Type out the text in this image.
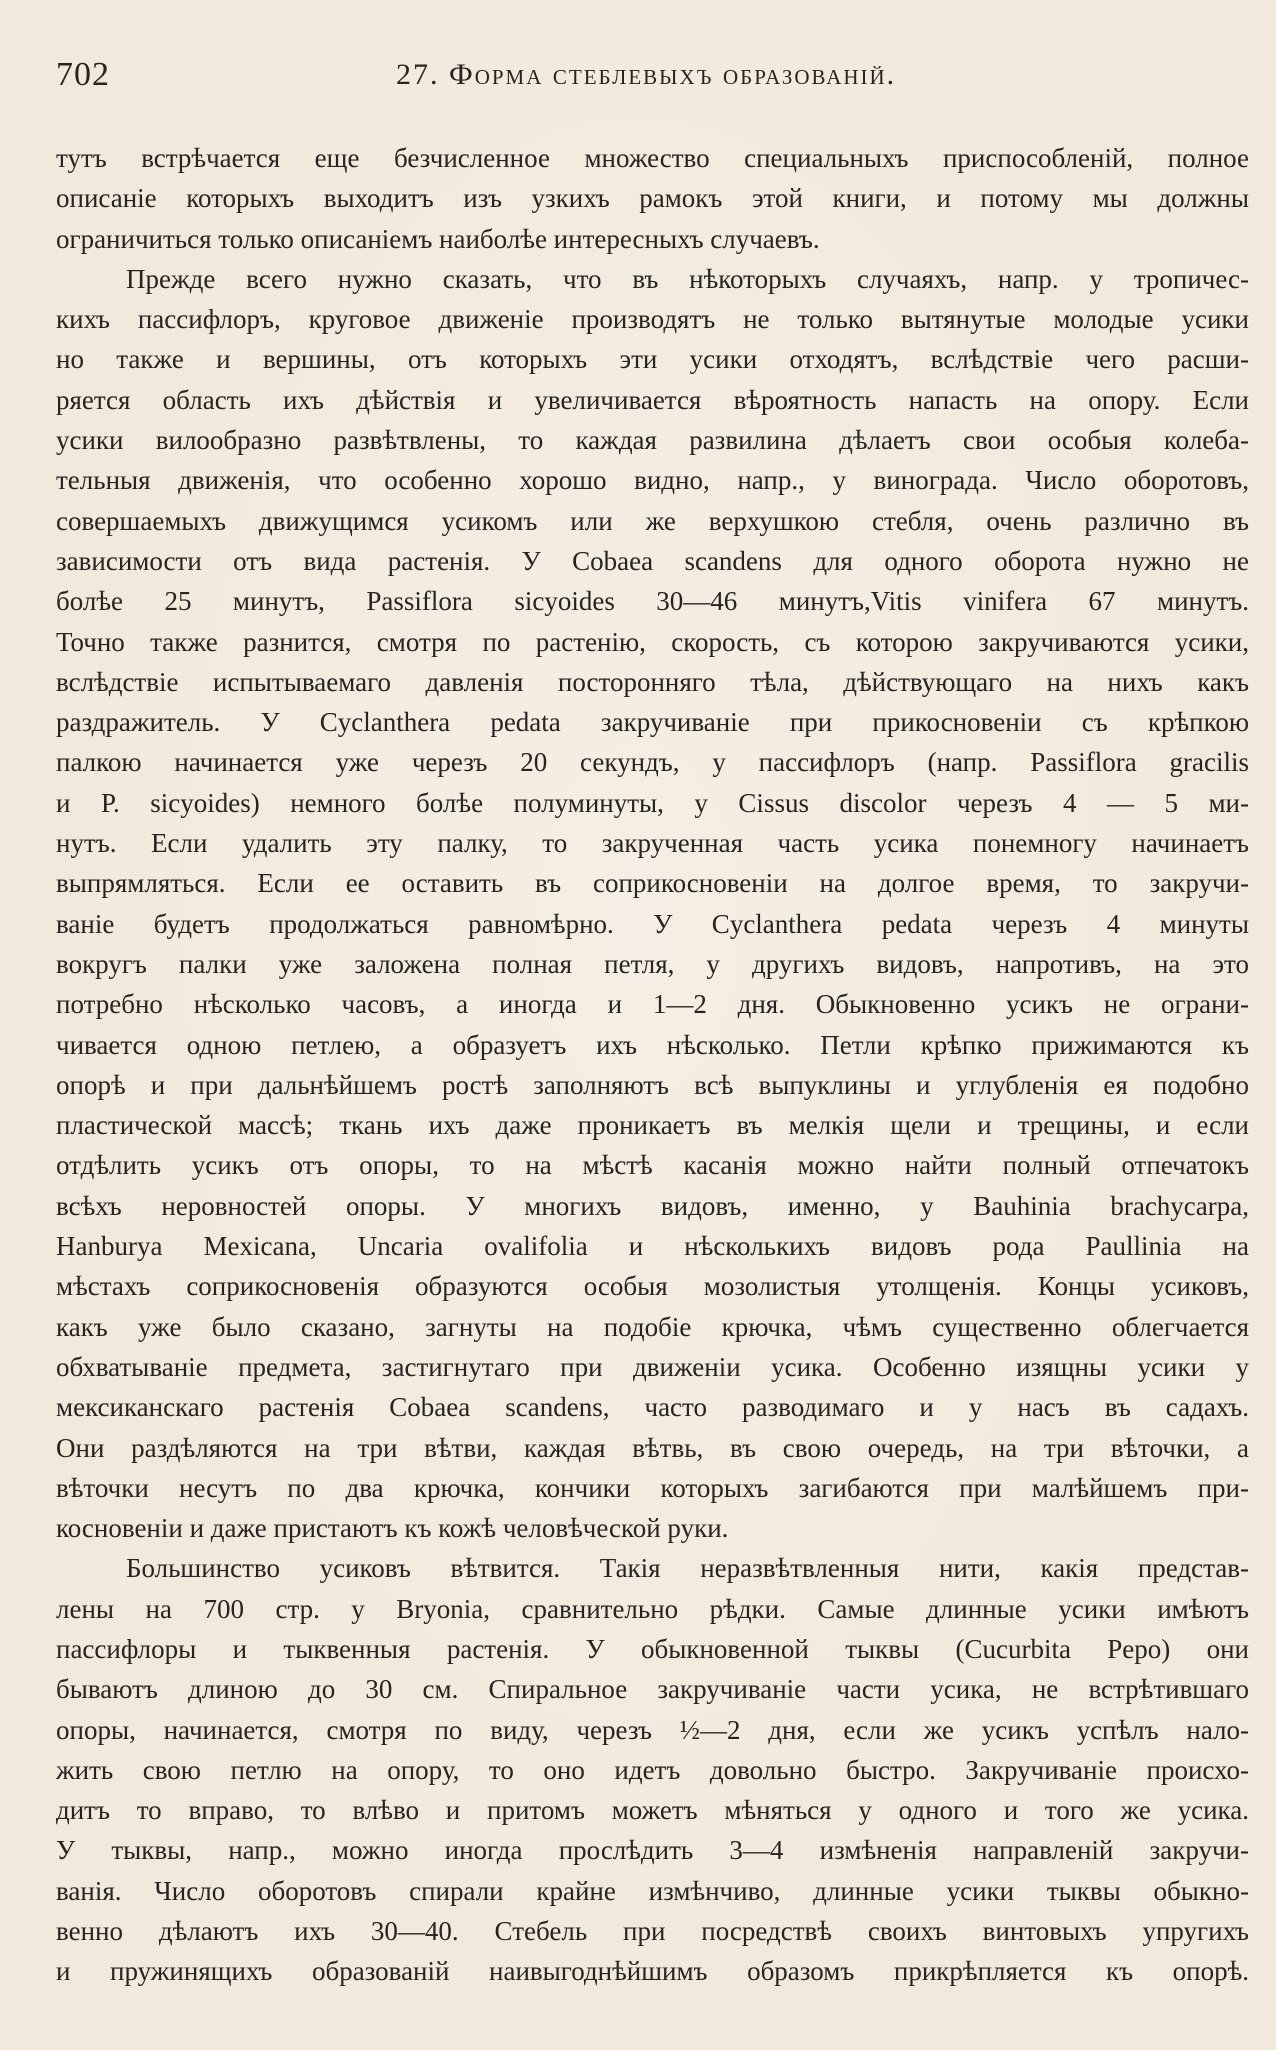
702	27. Форма стеблевыхъ образованій.
тутъ встрѣчается еще безчисленное множество специальныхъ приспособленій, полное
описаніе которыхъ выходитъ изъ узкихъ рамокъ этой книги, и потому мы должны
ограничиться только описаніемъ наиболѣе интересныхъ случаевъ.
Прежде всего нужно сказать, что въ нѣкоторыхъ случаяхъ, напр. у тропичес-
кихъ пассифлоръ, круговое движеніе производятъ не только вытянутые молодые усики
но также и вершины, отъ которыхъ эти усики отходятъ, вслѣдствіе чего расши-
ряется область ихъ дѣйствія и увеличивается вѣроятность напасть на опору. Если
усики вилообразно развѣтвлены, то каждая развилина дѣлаетъ свои особыя колеба-
тельныя движенія, что особенно хорошо видно, напр., у винограда. Число оборотовъ,
совершаемыхъ движущимся усикомъ или же верхушкою стебля, очень различно въ
зависимости отъ вида растенія. У Cobaea scandens для одного оборота нужно не
болѣе 25 минутъ, Passiflora sicyoides 30—46 минутъ,Vitis vinifera 67 минутъ.
Точно также разнится, смотря по растенію, скорость, съ которою закручиваются усики,
вслѣдствіе испытываемаго давленія посторонняго тѣла, дѣйствующаго на нихъ какъ
раздражитель. У Cyclanthera pedata закручиваніе при прикосновеніи съ крѣпкою
палкою начинается уже черезъ 20 секундъ, у пассифлоръ (напр. Passiflora gracilis
и P. sicyoides) немного болѣе полуминуты, у Cissus discolor черезъ 4 — 5 ми-
нутъ. Если удалить эту палку, то закрученная часть усика понемногу начинаетъ
выпрямляться. Если ее оставить въ соприкосновеніи на долгое время, то закручи-
ваніе будетъ продолжаться равномѣрно. У Cyclanthera pedata черезъ 4 минуты
вокругъ палки уже заложена полная петля, у другихъ видовъ, напротивъ, на это
потребно нѣсколько часовъ, а иногда и 1—2 дня. Обыкновенно усикъ не ограни-
чивается одною петлею, а образуетъ ихъ нѣсколько. Петли крѣпко прижимаются къ
опорѣ и при дальнѣйшемъ ростѣ заполняютъ всѣ выпуклины и углубленія ея подобно
пластической массѣ; ткань ихъ даже проникаетъ въ мелкія щели и трещины, и если
отдѣлить усикъ отъ опоры, то на мѣстѣ касанія можно найти полный отпечатокъ
всѣхъ неровностей опоры. У многихъ видовъ, именно, у Bauhinia brachycarpa,
Hanburya Mexicana, Uncaria ovalifolia и нѣсколькихъ видовъ рода Paullinia на
мѣстахъ соприкосновенія образуются особыя мозолистыя утолщенія. Концы усиковъ,
какъ уже было сказано, загнуты на подобіе крючка, чѣмъ существенно облегчается
обхватываніе предмета, застигнутаго при движеніи усика. Особенно изящны усики у
мексиканскаго растенія Cobaea scandens, часто разводимаго и у насъ въ садахъ.
Они раздѣляются на три вѣтви, каждая вѣтвь, въ свою очередь, на три вѣточки, а
вѣточки несутъ по два крючка, кончики которыхъ загибаются при малѣйшемъ при-
косновеніи и даже пристаютъ къ кожѣ человѣческой руки.
Большинство усиковъ вѣтвится. Такія неразвѣтвленныя нити, какія представ-
лены на 700 стр. у Bryonia, сравнительно рѣдки. Самые длинные усики имѣютъ
пассифлоры и тыквенныя растенія. У обыкновенной тыквы (Cucurbita Pepo) они
бываютъ длиною до 30 см. Спиральное закручиваніе части усика, не встрѣтившаго
опоры, начинается, смотря по виду, черезъ ½—2 дня, если же усикъ успѣлъ нало-
жить свою петлю на опору, то оно идетъ довольно быстро. Закручиваніе происхо-
дитъ то вправо, то влѣво и притомъ можетъ мѣняться у одного и того же усика.
У тыквы, напр., можно иногда прослѣдить 3—4 измѣненія направленій закручи-
ванія. Число оборотовъ спирали крайне измѣнчиво, длинные усики тыквы обыкно-
венно дѣлаютъ ихъ 30—40. Стебель при посредствѣ своихъ винтовыхъ упругихъ
и пружинящихъ образованій наивыгоднѣйшимъ образомъ прикрѣпляется къ опорѣ.
